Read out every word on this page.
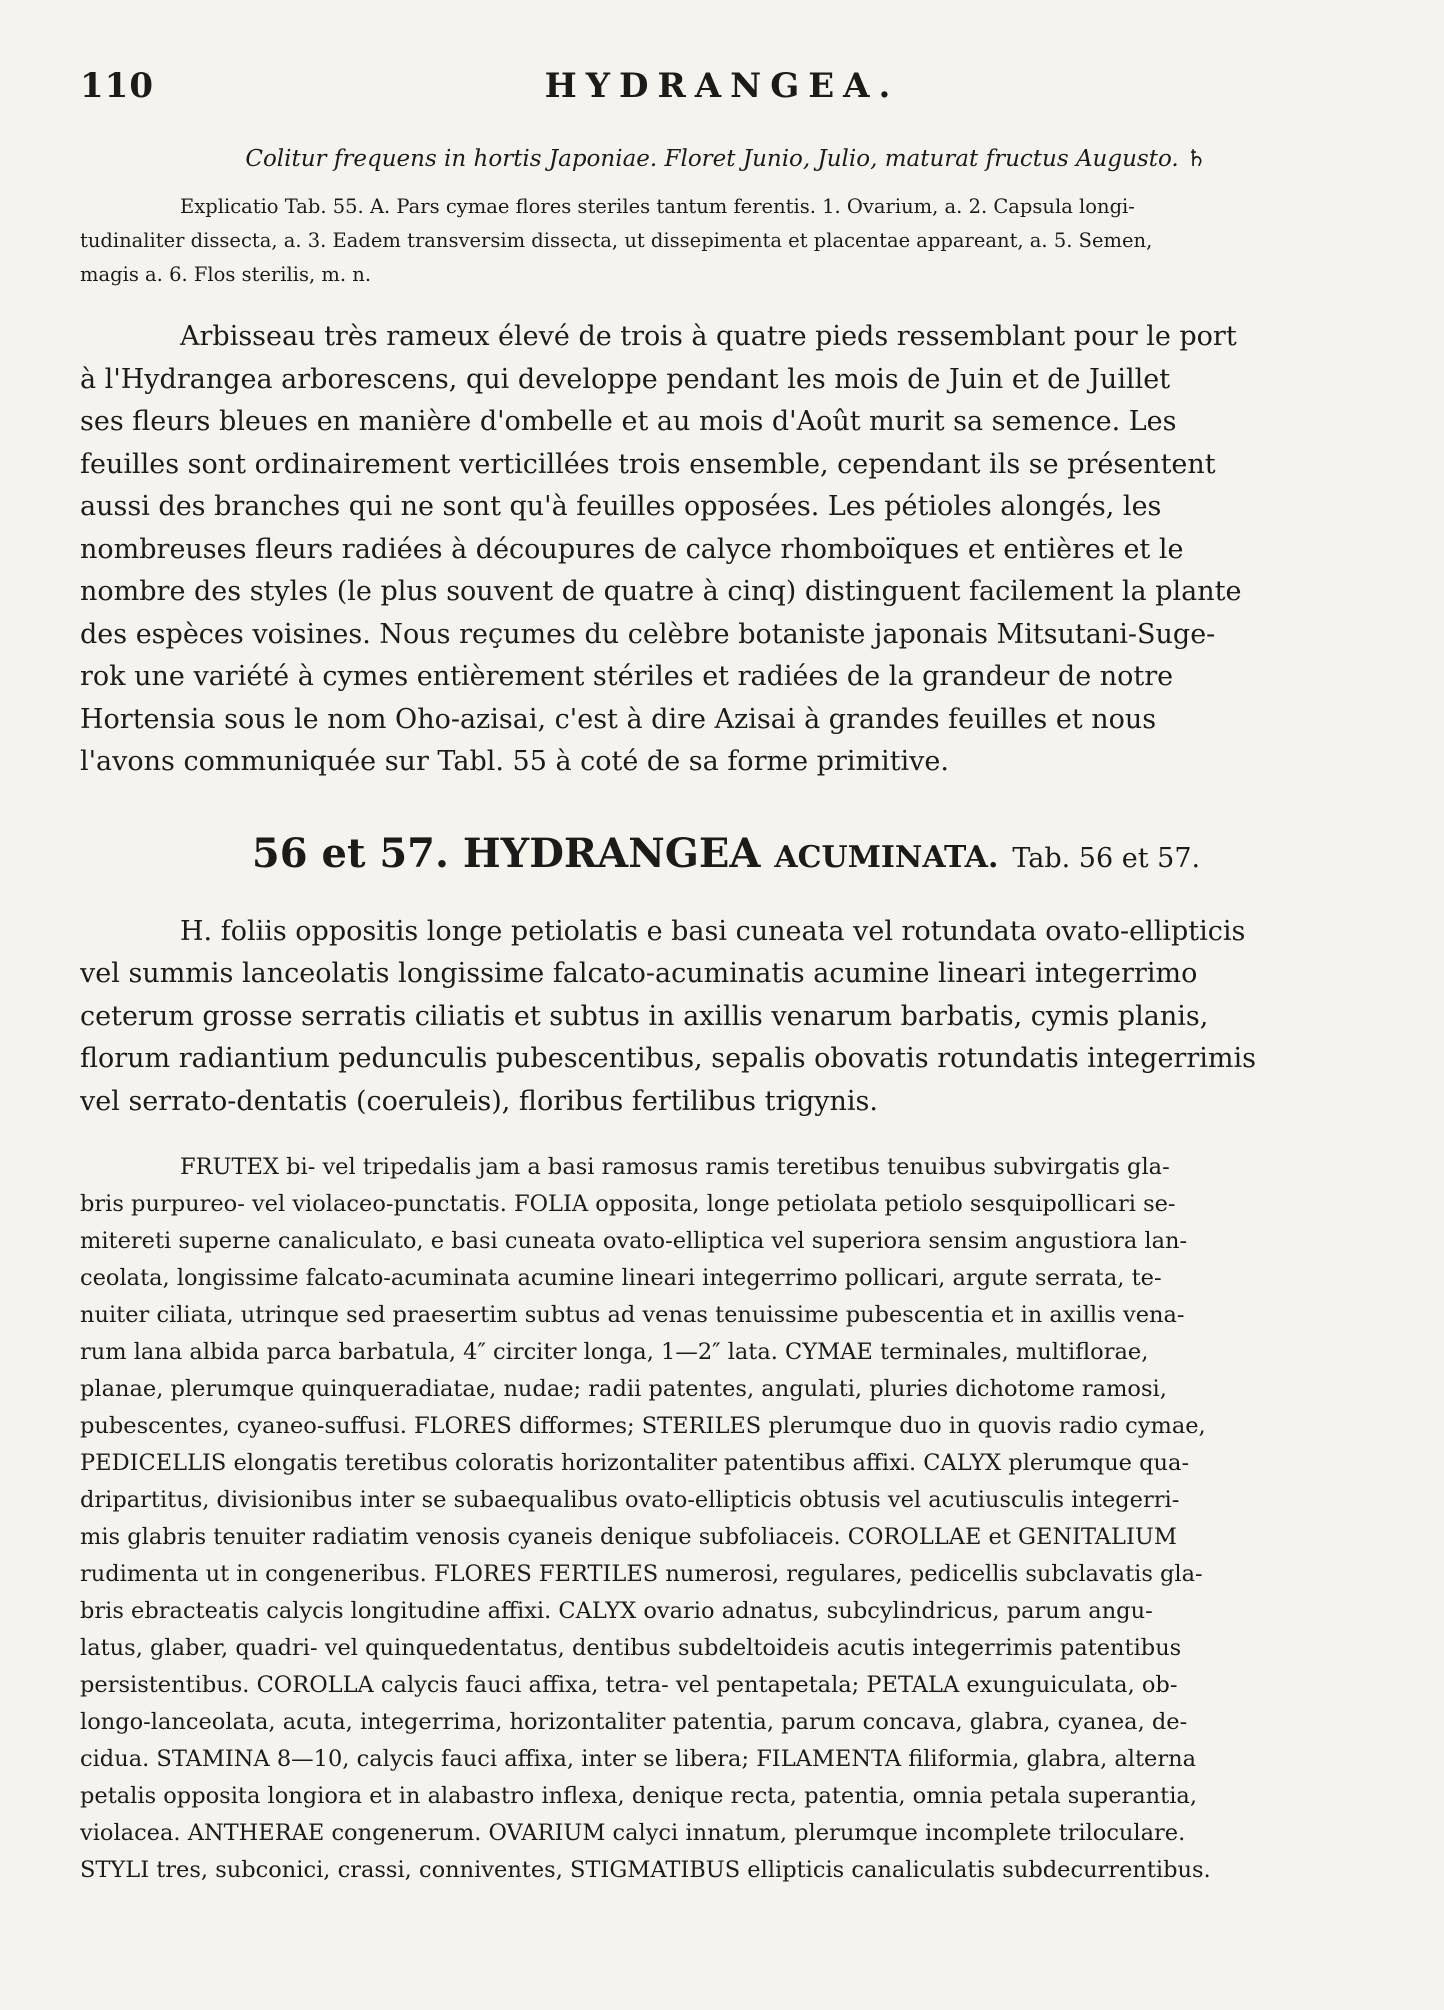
110	HYDRANGEA.

Colitur frequens in hortis Japoniae. Floret Junio, Julio, maturat fructus Augusto. ♄

Explicatio Tab. 55. A. Pars cymae flores steriles tantum ferentis. 1. Ovarium, a. 2. Capsula longi-

tudinaliter dissecta, a. 3. Eadem transversim dissecta, ut dissepimenta et placentae appareant, a. 5. Semen,

magis a. 6. Flos sterilis, m. n.

Arbisseau très rameux élevé de trois à quatre pieds ressemblant pour le port

à l'Hydrangea arborescens, qui developpe pendant les mois de Juin et de Juillet

ses fleurs bleues en manière d'ombelle et au mois d'Août murit sa semence. Les

feuilles sont ordinairement verticillées trois ensemble, cependant ils se présentent

aussi des branches qui ne sont qu'à feuilles opposées. Les pétioles alongés, les

nombreuses fleurs radiées à découpures de calyce rhomboïques et entières et le

nombre des styles (le plus souvent de quatre à cinq) distinguent facilement la plante

des espèces voisines. Nous reçumes du celèbre botaniste japonais Mitsutani-Suge-

rok une variété à cymes entièrement stériles et radiées de la grandeur de notre

Hortensia sous le nom Oho-azisai, c'est à dire Azisai à grandes feuilles et nous

l'avons communiquée sur Tabl. 55 à coté de sa forme primitive.

56 et 57. HYDRANGEA ACUMINATA. Tab. 56 et 57.

H. foliis oppositis longe petiolatis e basi cuneata vel rotundata ovato-ellipticis

vel summis lanceolatis longissime falcato-acuminatis acumine lineari integerrimo

ceterum grosse serratis ciliatis et subtus in axillis venarum barbatis, cymis planis,

florum radiantium pedunculis pubescentibus, sepalis obovatis rotundatis integerrimis

vel serrato-dentatis (coeruleis), floribus fertilibus trigynis.

FRUTEX bi- vel tripedalis jam a basi ramosus ramis teretibus tenuibus subvirgatis gla-

bris purpureo- vel violaceo-punctatis. FOLIA opposita, longe petiolata petiolo sesquipollicari se-

mitereti superne canaliculato, e basi cuneata ovato-elliptica vel superiora sensim angustiora lan-

ceolata, longissime falcato-acuminata acumine lineari integerrimo pollicari, argute serrata, te-

nuiter ciliata, utrinque sed praesertim subtus ad venas tenuissime pubescentia et in axillis vena-

rum lana albida parca barbatula, 4″ circiter longa, 1—2″ lata. CYMAE terminales, multiflorae,

planae, plerumque quinqueradiatae, nudae; radii patentes, angulati, pluries dichotome ramosi,

pubescentes, cyaneo-suffusi. FLORES difformes; STERILES plerumque duo in quovis radio cymae,

PEDICELLIS elongatis teretibus coloratis horizontaliter patentibus affixi. CALYX plerumque qua-

dripartitus, divisionibus inter se subaequalibus ovato-ellipticis obtusis vel acutiusculis integerri-

mis glabris tenuiter radiatim venosis cyaneis denique subfoliaceis. COROLLAE et GENITALIUM

rudimenta ut in congeneribus. FLORES FERTILES numerosi, regulares, pedicellis subclavatis gla-

bris ebracteatis calycis longitudine affixi. CALYX ovario adnatus, subcylindricus, parum angu-

latus, glaber, quadri- vel quinquedentatus, dentibus subdeltoideis acutis integerrimis patentibus

persistentibus. COROLLA calycis fauci affixa, tetra- vel pentapetala; PETALA exunguiculata, ob-

longo-lanceolata, acuta, integerrima, horizontaliter patentia, parum concava, glabra, cyanea, de-

cidua. STAMINA 8—10, calycis fauci affixa, inter se libera; FILAMENTA filiformia, glabra, alterna

petalis opposita longiora et in alabastro inflexa, denique recta, patentia, omnia petala superantia,

violacea. ANTHERAE congenerum. OVARIUM calyci innatum, plerumque incomplete triloculare.

STYLI tres, subconici, crassi, conniventes, STIGMATIBUS ellipticis canaliculatis subdecurrentibus.
